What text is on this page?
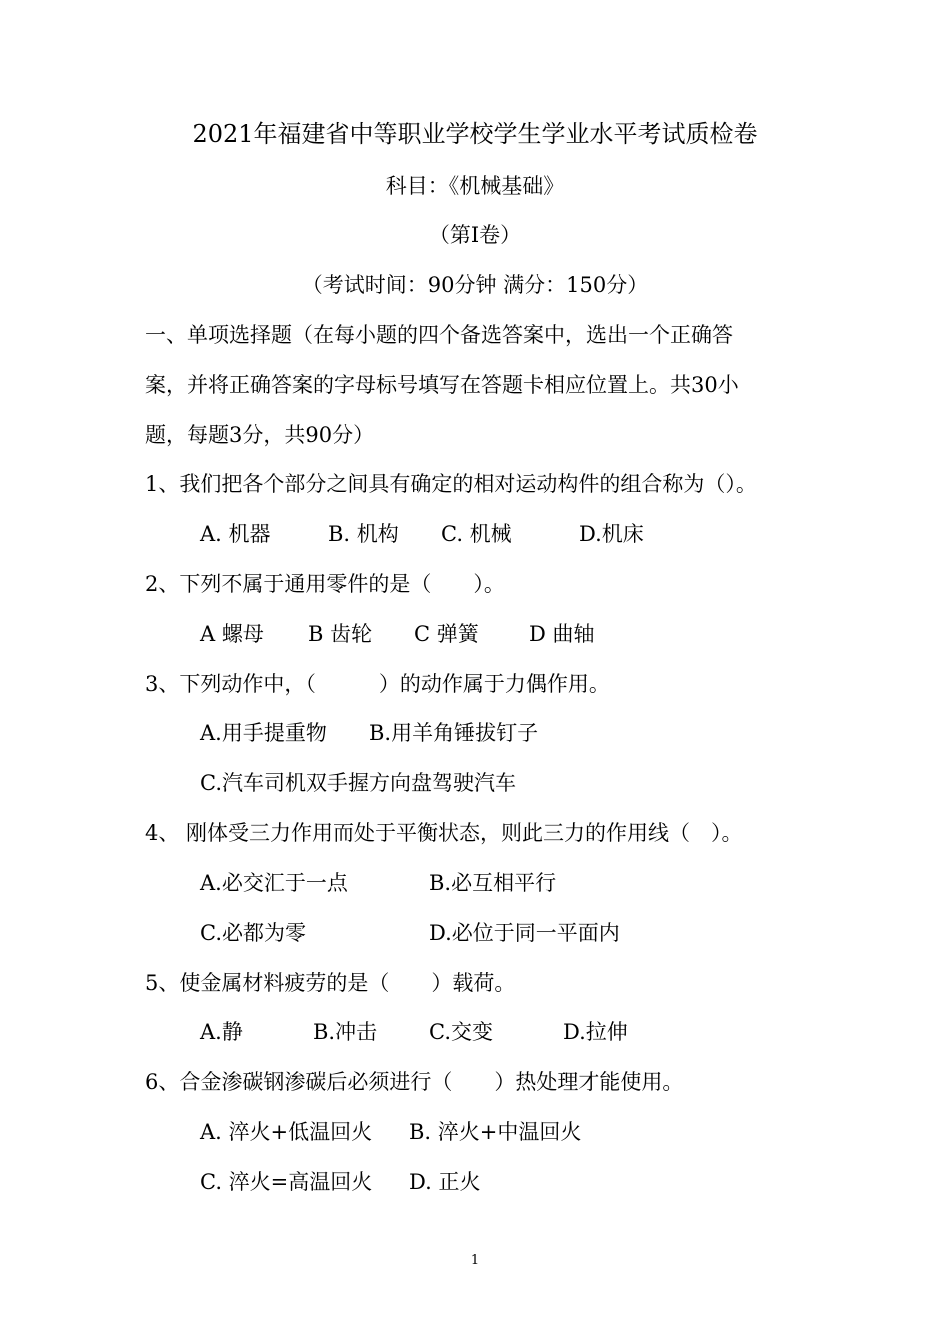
2021年福建省中等职业学校学生学业水平考试质检卷
科目：《机械基础》
（第Ⅰ卷）
（考试时间：90分钟 满分：150分）
一、单项选择题（在每小题的四个备选答案中，选出一个正确答
案，并将正确答案的字母标号填写在答题卡相应位置上。共30小
题，每题3分，共90分）
1、我们把各个部分之间具有确定的相对运动构件的组合称为（）。
A. 机器	B. 机构 C. 机械	D.机床
2、下列不属于通用零件的是（　　）。
A 螺母 B 齿轮 C 弹簧 D 曲轴
3、下列动作中，（　　　）的动作属于力偶作用。
A.用手提重物 B.用羊角锤拔钉子
C.汽车司机双手握方向盘驾驶汽车
4、 刚体受三力作用而处于平衡状态，则此三力的作用线（　）。
A.必交汇于一点	B.必互相平行
C.必都为零	D.必位于同一平面内
5、使金属材料疲劳的是（　　）载荷。
A.静	B.冲击 C.交变	D.拉伸
6、合金渗碳钢渗碳后必须进行（　　）热处理才能使用。
A. 淬火+低温回火 B. 淬火+中温回火
C. 淬火=高温回火 D. 正火
1
